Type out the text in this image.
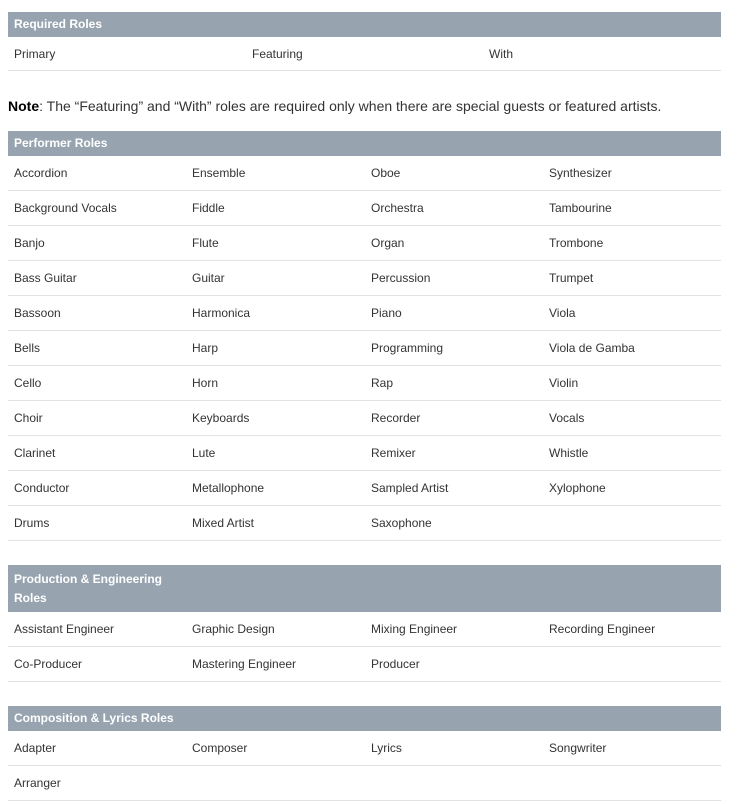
Required Roles
Primary	Featuring	With
Note: The “Featuring” and “With” roles are required only when there are special guests or featured artists.
Performer Roles			
Accordion	Ensemble	Oboe	Synthesizer
Background Vocals	Fiddle	Orchestra	Tambourine
Banjo	Flute	Organ	Trombone
Bass Guitar	Guitar	Percussion	Trumpet
Bassoon	Harmonica	Piano	Viola
Bells	Harp	Programming	Viola de Gamba
Cello	Horn	Rap	Violin
Choir	Keyboards	Recorder	Vocals
Clarinet	Lute	Remixer	Whistle
Conductor	Metallophone	Sampled Artist	Xylophone
Drums	Mixed Artist	Saxophone	
Production & Engineering
Roles			
Assistant Engineer	Graphic Design	Mixing Engineer	Recording Engineer
Co-Producer	Mastering Engineer	Producer	
Composition & Lyrics Roles			
Adapter	Composer	Lyrics	Songwriter
Arranger			
